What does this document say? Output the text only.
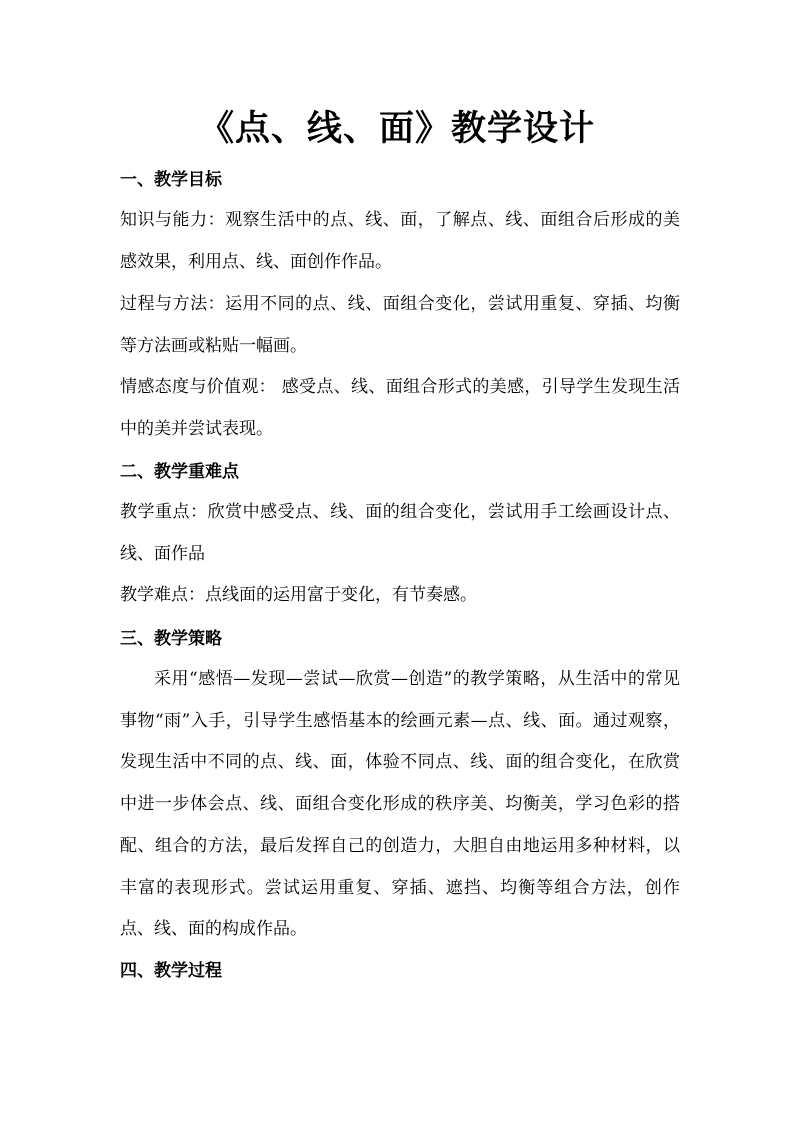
《点、线、面》教学设计
一、教学目标
知识与能力：观察生活中的点、线、面，了解点、线、面组合后形成的美感效果，利用点、线、面创作作品。
过程与方法：运用不同的点、线、面组合变化，尝试用重复、穿插、均衡等方法画或粘贴一幅画。
情感态度与价值观： 感受点、线、面组合形式的美感，引导学生发现生活中的美并尝试表现。
二、教学重难点
教学重点：欣赏中感受点、线、面的组合变化，尝试用手工绘画设计点、线、面作品
教学难点：点线面的运用富于变化，有节奏感。
三、教学策略
采用“感悟—发现—尝试—欣赏—创造”的教学策略，从生活中的常见事物“雨”入手，引导学生感悟基本的绘画元素—点、线、面。通过观察，发现生活中不同的点、线、面，体验不同点、线、面的组合变化，在欣赏中进一步体会点、线、面组合变化形成的秩序美、均衡美，学习色彩的搭配、组合的方法，最后发挥自己的创造力，大胆自由地运用多种材料，以丰富的表现形式。尝试运用重复、穿插、遮挡、均衡等组合方法，创作点、线、面的构成作品。
四、教学过程
